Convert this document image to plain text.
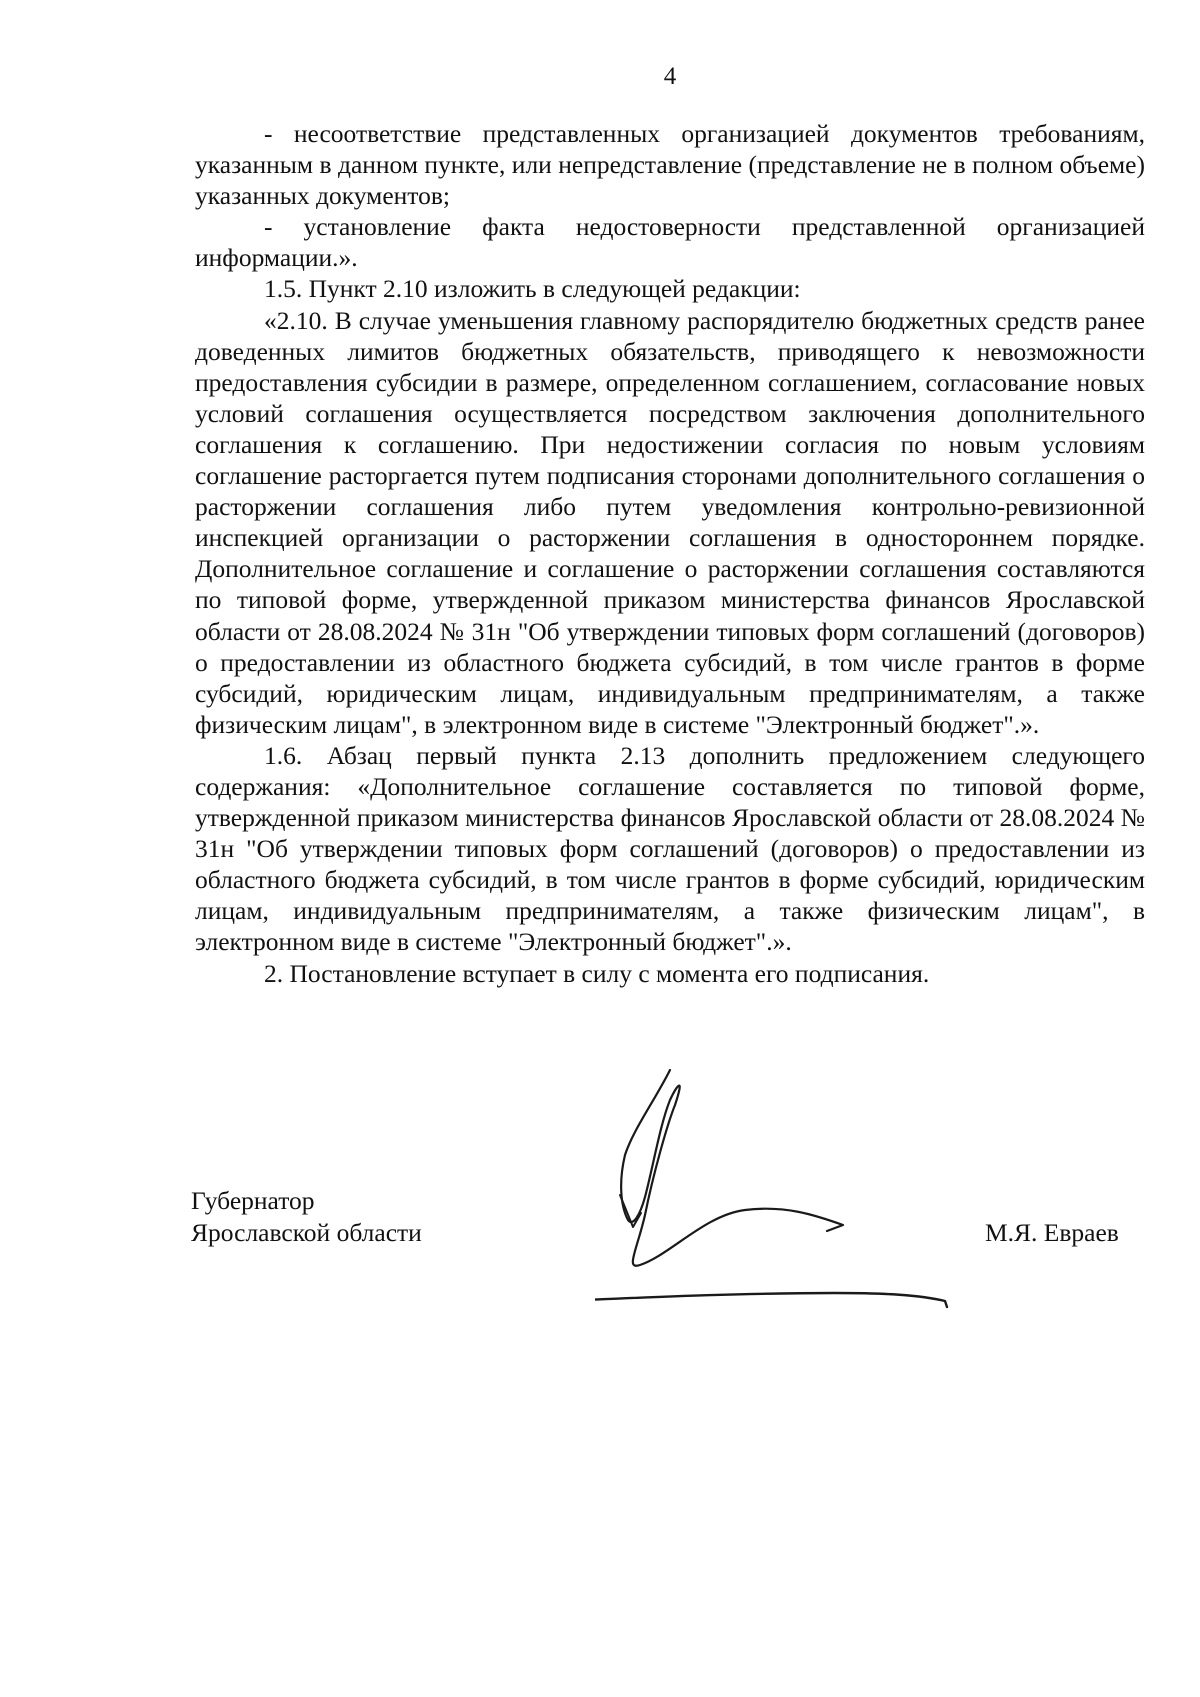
4

- несоответствие представленных организацией документов требованиям, указанным в данном пункте, или непредставление (представление не в полном объеме) указанных документов;

- установление факта недостоверности представленной организацией информации.».

1.5. Пункт 2.10 изложить в следующей редакции:

«2.10. В случае уменьшения главному распорядителю бюджетных средств ранее доведенных лимитов бюджетных обязательств, приводящего к невозможности предоставления субсидии в размере, определенном соглашением, согласование новых условий соглашения осуществляется посредством заключения дополнительного соглашения к соглашению. При недостижении согласия по новым условиям соглашение расторгается путем подписания сторонами дополнительного соглашения о расторжении соглашения либо путем уведомления контрольно-ревизионной инспекцией организации о расторжении соглашения в одностороннем порядке. Дополнительное соглашение и соглашение о расторжении соглашения составляются по типовой форме, утвержденной приказом министерства финансов Ярославской области от 28.08.2024 № 31н "Об утверждении типовых форм соглашений (договоров) о предоставлении из областного бюджета субсидий, в том числе грантов в форме субсидий, юридическим лицам, индивидуальным предпринимателям, а также физическим лицам", в электронном виде в системе "Электронный бюджет".».

1.6. Абзац первый пункта 2.13 дополнить предложением следующего содержания: «Дополнительное соглашение составляется по типовой форме, утвержденной приказом министерства финансов Ярославской области от 28.08.2024 № 31н "Об утверждении типовых форм соглашений (договоров) о предоставлении из областного бюджета субсидий, в том числе грантов в форме субсидий, юридическим лицам, индивидуальным предпринимателям, а также физическим лицам", в электронном виде в системе "Электронный бюджет".».

2. Постановление вступает в силу с момента его подписания.

Губернатор
Ярославской области	М.Я. Евраев
